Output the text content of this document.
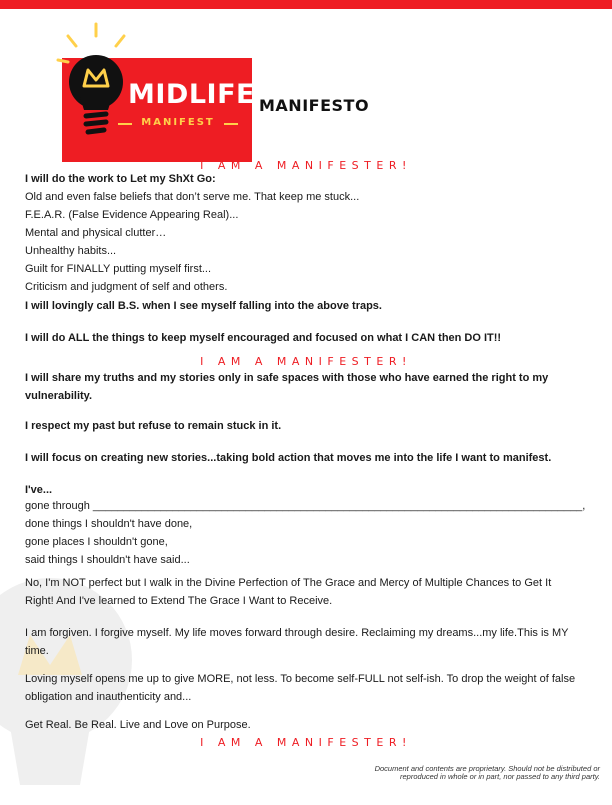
MIDLIFE
MANIFEST
MANIFESTO
I AM A MANIFESTER!
I will do the work to Let my ShXt Go:
Old and even false beliefs that don’t serve me. That keep me stuck...
F.E.A.R. (False Evidence Appearing Real)...
Mental and physical clutter…
Unhealthy habits...
Guilt for FINALLY putting myself first...
Criticism and judgment of self and others.
I will lovingly call B.S. when I see myself falling into the above traps.
I will do ALL the things to keep myself encouraged and focused on what I CAN then DO IT!!
I AM A MANIFESTER!
I will share my truths and my stories only in safe spaces with those who have earned the right to my vulnerability.
I respect my past but refuse to remain stuck in it.
I will focus on creating new stories...taking bold action that moves me into the life I want to manifest.
I've...
gone through ________________________________________________________________________________,
done things I shouldn't have done,
gone places I shouldn't gone,
said things I shouldn't have said...
No, I'm NOT perfect but I walk in the Divine Perfection of The Grace and Mercy of Multiple Chances to Get It Right! And I've learned to Extend The Grace I Want to Receive.
I am forgiven. I forgive myself. My life moves forward through desire. Reclaiming my dreams...my life.This is MY time.
Loving myself opens me up to give MORE, not less. To become self-FULL not self-ish. To drop the weight of false obligation and inauthenticity and...
Get Real. Be Real. Live and Love on Purpose.
I AM A MANIFESTER!
Document and contents are proprietary. Should not be distributed or
reproduced in whole or in part, nor passed to any third party.
